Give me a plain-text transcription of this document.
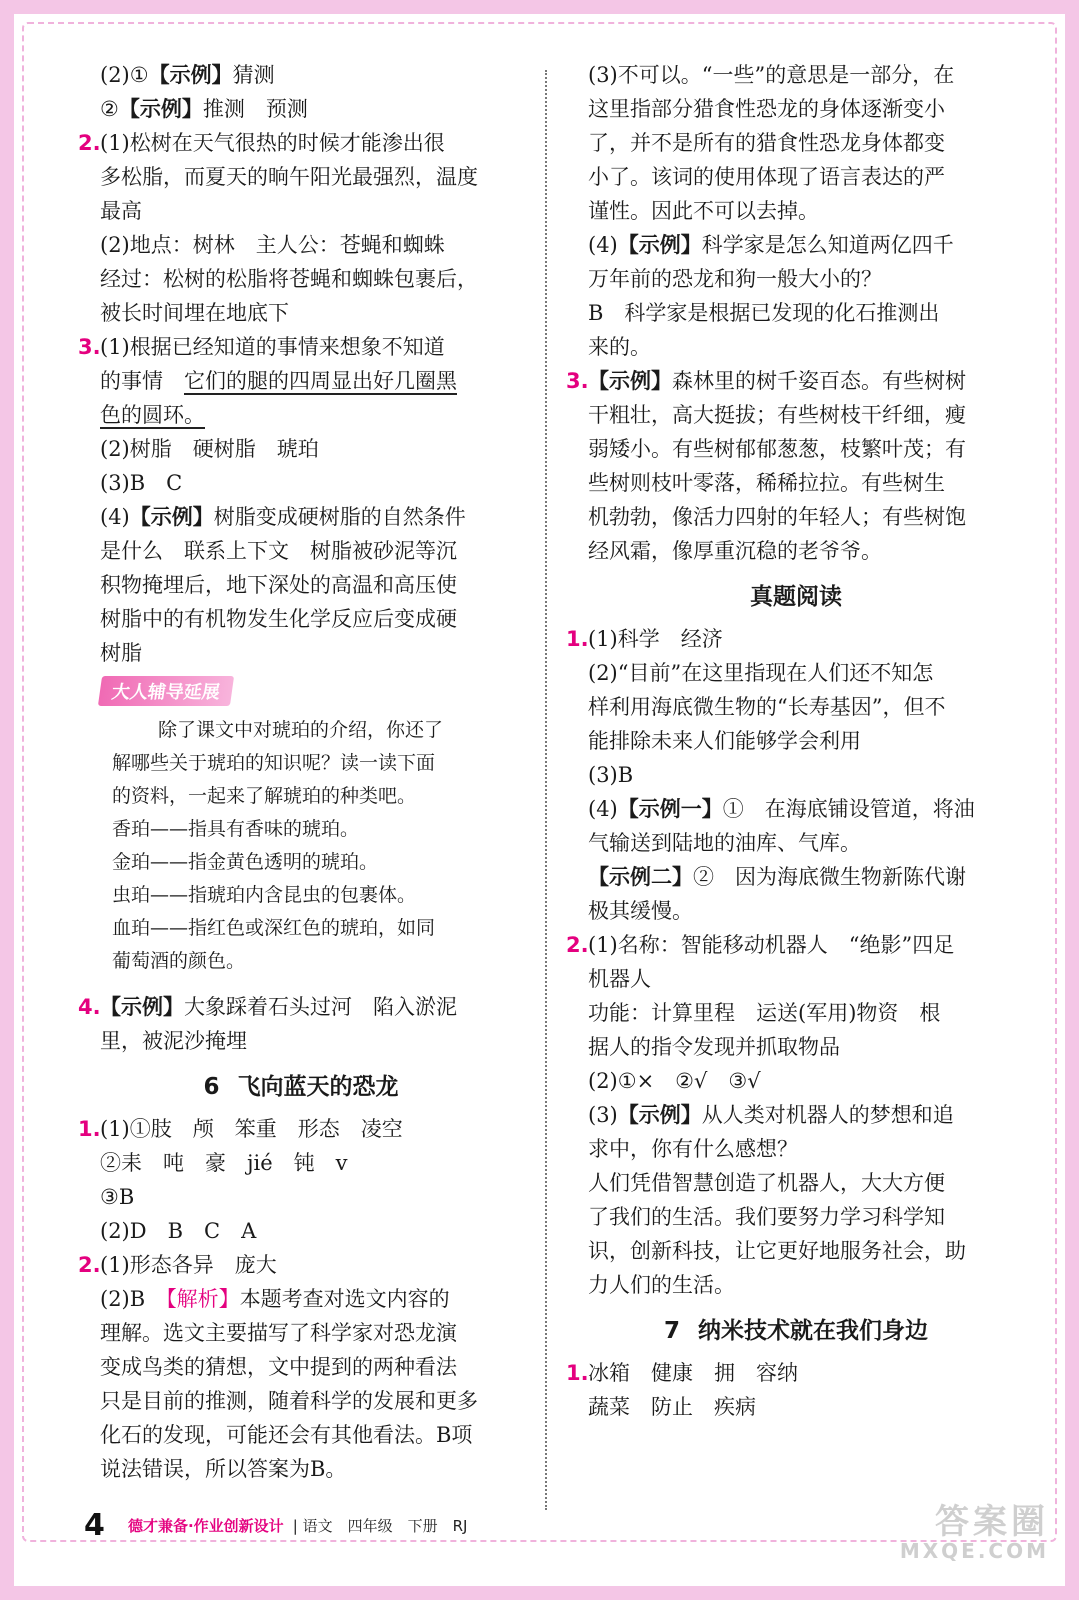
(2)①【示例】猜测
②【示例】推测　预测
2.(1)松树在天气很热的时候才能渗出很
多松脂，而夏天的晌午阳光最强烈，温度
最高
(2)地点：树林　主人公：苍蝇和蜘蛛
经过：松树的松脂将苍蝇和蜘蛛包裹后，
被长时间埋在地底下
3.(1)根据已经知道的事情来想象不知道
的事情　它们的腿的四周显出好几圈黑
色的圆环。
(2)树脂　硬树脂　琥珀
(3)B　C
(4)【示例】树脂变成硬树脂的自然条件
是什么　联系上下文　树脂被砂泥等沉
积物掩埋后，地下深处的高温和高压使
树脂中的有机物发生化学反应后变成硬
树脂
大人辅导延展
除了课文中对琥珀的介绍，你还了
解哪些关于琥珀的知识呢？读一读下面
的资料，一起来了解琥珀的种类吧。
香珀——指具有香味的琥珀。
金珀——指金黄色透明的琥珀。
虫珀——指琥珀内含昆虫的包裹体。
血珀——指红色或深红色的琥珀，如同
葡萄酒的颜色。
4.【示例】大象踩着石头过河　陷入淤泥
里，被泥沙掩埋
6 飞向蓝天的恐龙
1.(1)①肢　颅　笨重　形态　凌空
②耒　吨　豪　jié　钝　v
③B
(2)D　B　C　A
2.(1)形态各异　庞大
(2)B　【解析】本题考查对选文内容的
理解。选文主要描写了科学家对恐龙演
变成鸟类的猜想，文中提到的两种看法
只是目前的推测，随着科学的发展和更多
化石的发现，可能还会有其他看法。B项
说法错误，所以答案为B。
(3)不可以。“一些”的意思是一部分，在
这里指部分猎食性恐龙的身体逐渐变小
了，并不是所有的猎食性恐龙身体都变
小了。该词的使用体现了语言表达的严
谨性。因此不可以去掉。
(4)【示例】科学家是怎么知道两亿四千
万年前的恐龙和狗一般大小的？
B　科学家是根据已发现的化石推测出
来的。
3.【示例】森林里的树千姿百态。有些树树
干粗壮，高大挺拔；有些树枝干纤细，瘦
弱矮小。有些树郁郁葱葱，枝繁叶茂；有
些树则枝叶零落，稀稀拉拉。有些树生
机勃勃，像活力四射的年轻人；有些树饱
经风霜，像厚重沉稳的老爷爷。
真题阅读
1.(1)科学　经济
(2)“目前”在这里指现在人们还不知怎
样利用海底微生物的“长寿基因”，但不
能排除未来人们能够学会利用
(3)B
(4)【示例一】①　在海底铺设管道，将油
气输送到陆地的油库、气库。
【示例二】②　因为海底微生物新陈代谢
极其缓慢。
2.(1)名称：智能移动机器人　“绝影”四足
机器人
功能：计算里程　运送(军用)物资　根
据人的指令发现并抓取物品
(2)①×　②√　③√
(3)【示例】从人类对机器人的梦想和追
求中，你有什么感想？
人们凭借智慧创造了机器人，大大方便
了我们的生活。我们要努力学习科学知
识，创新科技，让它更好地服务社会，助
力人们的生活。
7 纳米技术就在我们身边
1.冰箱　健康　拥　容纳
蔬菜　防止　疾病
4 德才兼备·作业创新设计 | 语文　四年级　下册　RJ	答案圈
MXQE.COM
